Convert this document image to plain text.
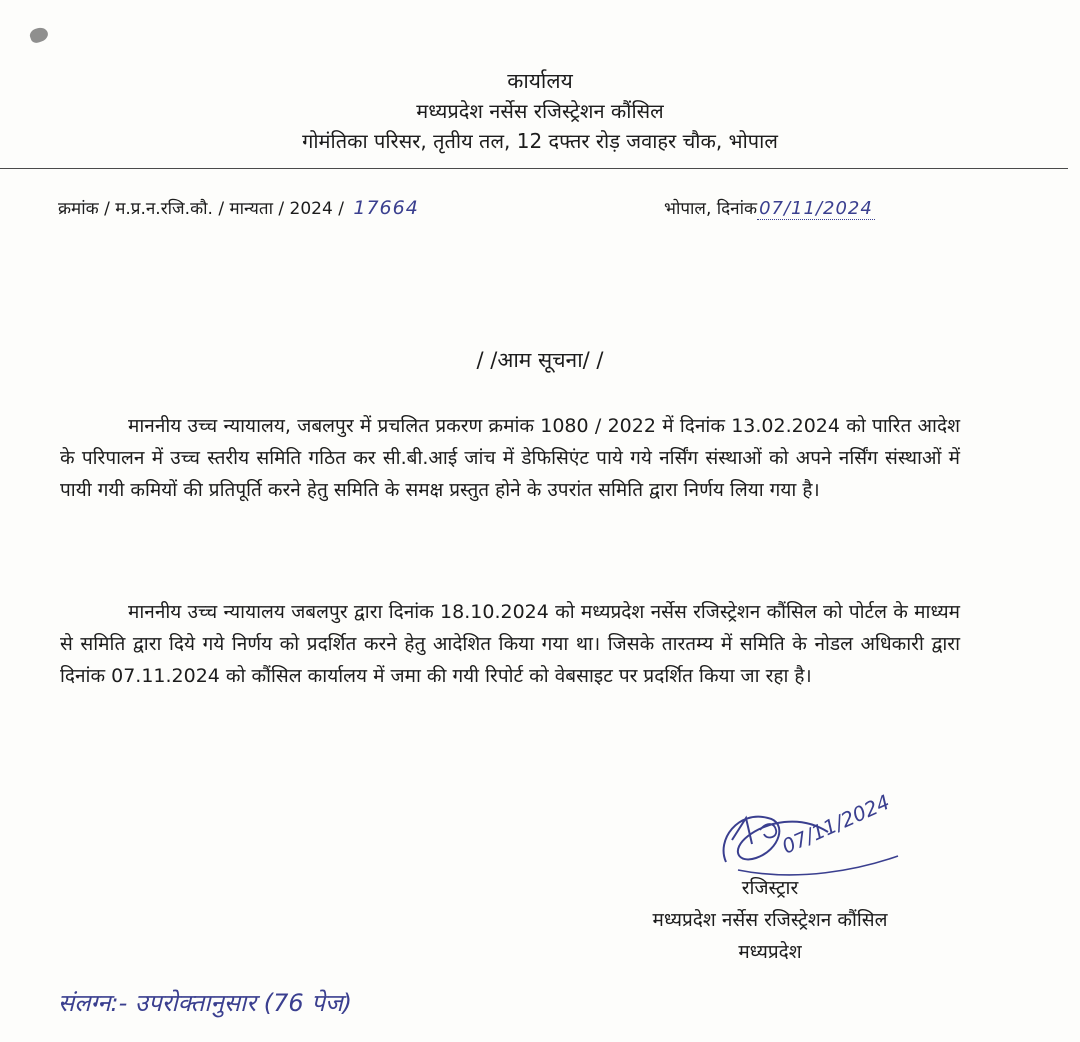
कार्यालय
मध्यप्रदेश नर्सेस रजिस्ट्रेशन कौंसिल
गोमंतिका परिसर, तृतीय तल, 12 दफ्तर रोड़ जवाहर चौक, भोपाल
क्रमांक / म.प्र.न.रजि.कौ. / मान्यता / 2024 / 17664	भोपाल, दिनांक 07/11/2024
/ /आम सूचना/ /

माननीय उच्च न्यायालय, जबलपुर में प्रचलित प्रकरण क्रमांक 1080 / 2022 में दिनांक 13.02.2024 को पारित आदेश के परिपालन में उच्च स्तरीय समिति गठित कर सी.बी.आई जांच में डेफिसिएंट पाये गये नर्सिंग संस्थाओं को अपने नर्सिंग संस्थाओं में पायी गयी कमियों की प्रतिपूर्ति करने हेतु समिति के समक्ष प्रस्तुत होने के उपरांत समिति द्वारा निर्णय लिया गया है।

माननीय उच्च न्यायालय जबलपुर द्वारा दिनांक 18.10.2024 को मध्यप्रदेश नर्सेस रजिस्ट्रेशन कौंसिल को पोर्टल के माध्यम से समिति द्वारा दिये गये निर्णय को प्रदर्शित करने हेतु आदेशित किया गया था। जिसके तारतम्य में समिति के नोडल अधिकारी द्वारा दिनांक 07.11.2024 को कौंसिल कार्यालय में जमा की गयी रिपोर्ट को वेबसाइट पर प्रदर्शित किया जा रहा है।

07/11/2024
रजिस्ट्रार
मध्यप्रदेश नर्सेस रजिस्ट्रेशन कौंसिल
मध्यप्रदेश
संलग्न:- उपरोक्तानुसार (76 पेज)
